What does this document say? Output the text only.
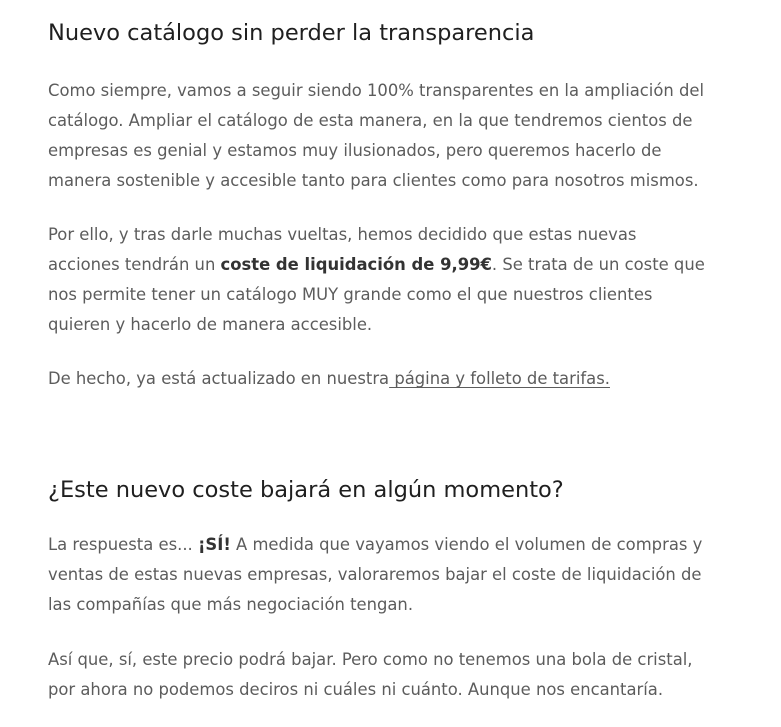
Nuevo catálogo sin perder la transparencia

Como siempre, vamos a seguir siendo 100% transparentes en la ampliación del
catálogo. Ampliar el catálogo de esta manera, en la que tendremos cientos de
empresas es genial y estamos muy ilusionados, pero queremos hacerlo de
manera sostenible y accesible tanto para clientes como para nosotros mismos.

Por ello, y tras darle muchas vueltas, hemos decidido que estas nuevas
acciones tendrán un coste de liquidación de 9,99€. Se trata de un coste que
nos permite tener un catálogo MUY grande como el que nuestros clientes
quieren y hacerlo de manera accesible.

De hecho, ya está actualizado en nuestra página y folleto de tarifas.

¿Este nuevo coste bajará en algún momento?

La respuesta es... ¡SÍ! A medida que vayamos viendo el volumen de compras y
ventas de estas nuevas empresas, valoraremos bajar el coste de liquidación de
las compañías que más negociación tengan.

Así que, sí, este precio podrá bajar. Pero como no tenemos una bola de cristal,
por ahora no podemos deciros ni cuáles ni cuánto. Aunque nos encantaría.
